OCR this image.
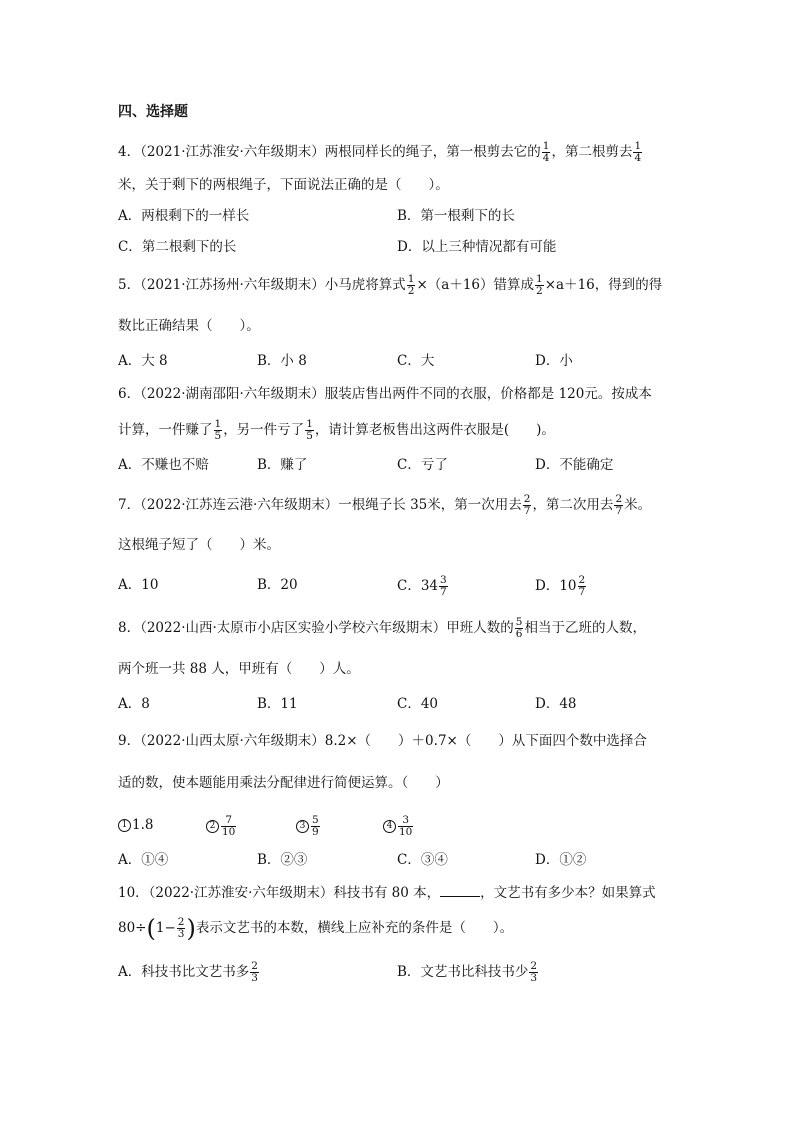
四、选择题
4．（2021·江苏淮安·六年级期末）两根同样长的绳子，第一根剪去它的 $\frac{1}{4}$ ，第二根剪去 $\frac{1}{4}$
米，关于剩下的两根绳子，下面说法正确的是（　　）。
A．两根剩下的一样长	B．第一根剩下的长
C．第二根剩下的长	D．以上三种情况都有可能
5．（2021·江苏扬州·六年级期末）小马虎将算式 $\frac{1}{2} \times(a+16)$错算成 $\frac{1}{2} \times a+16$，得到的得
数比正确结果（　　）。
A．大 8	B．小 8	C．大	D．小
6．（2022·湖南邵阳·六年级期末）服装店售出两件不同的衣服，价格都是 120元。按成本
计算，一件赚了 $\frac{1}{5}$ ，另一件亏了 $\frac{1}{5}$ ，请计算老板售出这两件衣服是(　　)。
A．不赚也不赔	B．赚了	C．亏了	D．不能确定
7．（2022·江苏连云港·六年级期末）一根绳子长 35米，第一次用去 $\frac{2}{7}$ ，第二次用去 $\frac{2}{7}$ 米。
这根绳子短了（　　）米。
A．10	B．20	C．$34 \frac{3}{7}$	D．$10 \frac{2}{7}$
8．（2022·山西·太原市小店区实验小学校六年级期末）甲班人数的 $\frac{5}{6}$ 相当于乙班的人数，
两个班一共 88 人，甲班有（　　）人。
A．8	B．11	C．40	D．48
9．（2022·山西太原·六年级期末）8.2×（　　）＋0.7×（　　）从下面四个数中选择合
适的数，使本题能用乘法分配律进行简便运算。（　　）
1 1.8	$2 \frac{7}{10}$	$3 \frac{5}{9}$	$4 \frac{3}{10}$
A．①④	B．②③	C．③④	D．①②
10．（2022·江苏淮安·六年级期末）科技书有 80 本，	，文艺书有多少本？如果算式
$80\div(1- \frac{2}{3}$ )表示文艺书的本数，横线上应补充的条件是（　　）。
A．科技书比文艺书多 $\frac{2}{3}$	B．文艺书比科技书少 $\frac{2}{3}$
